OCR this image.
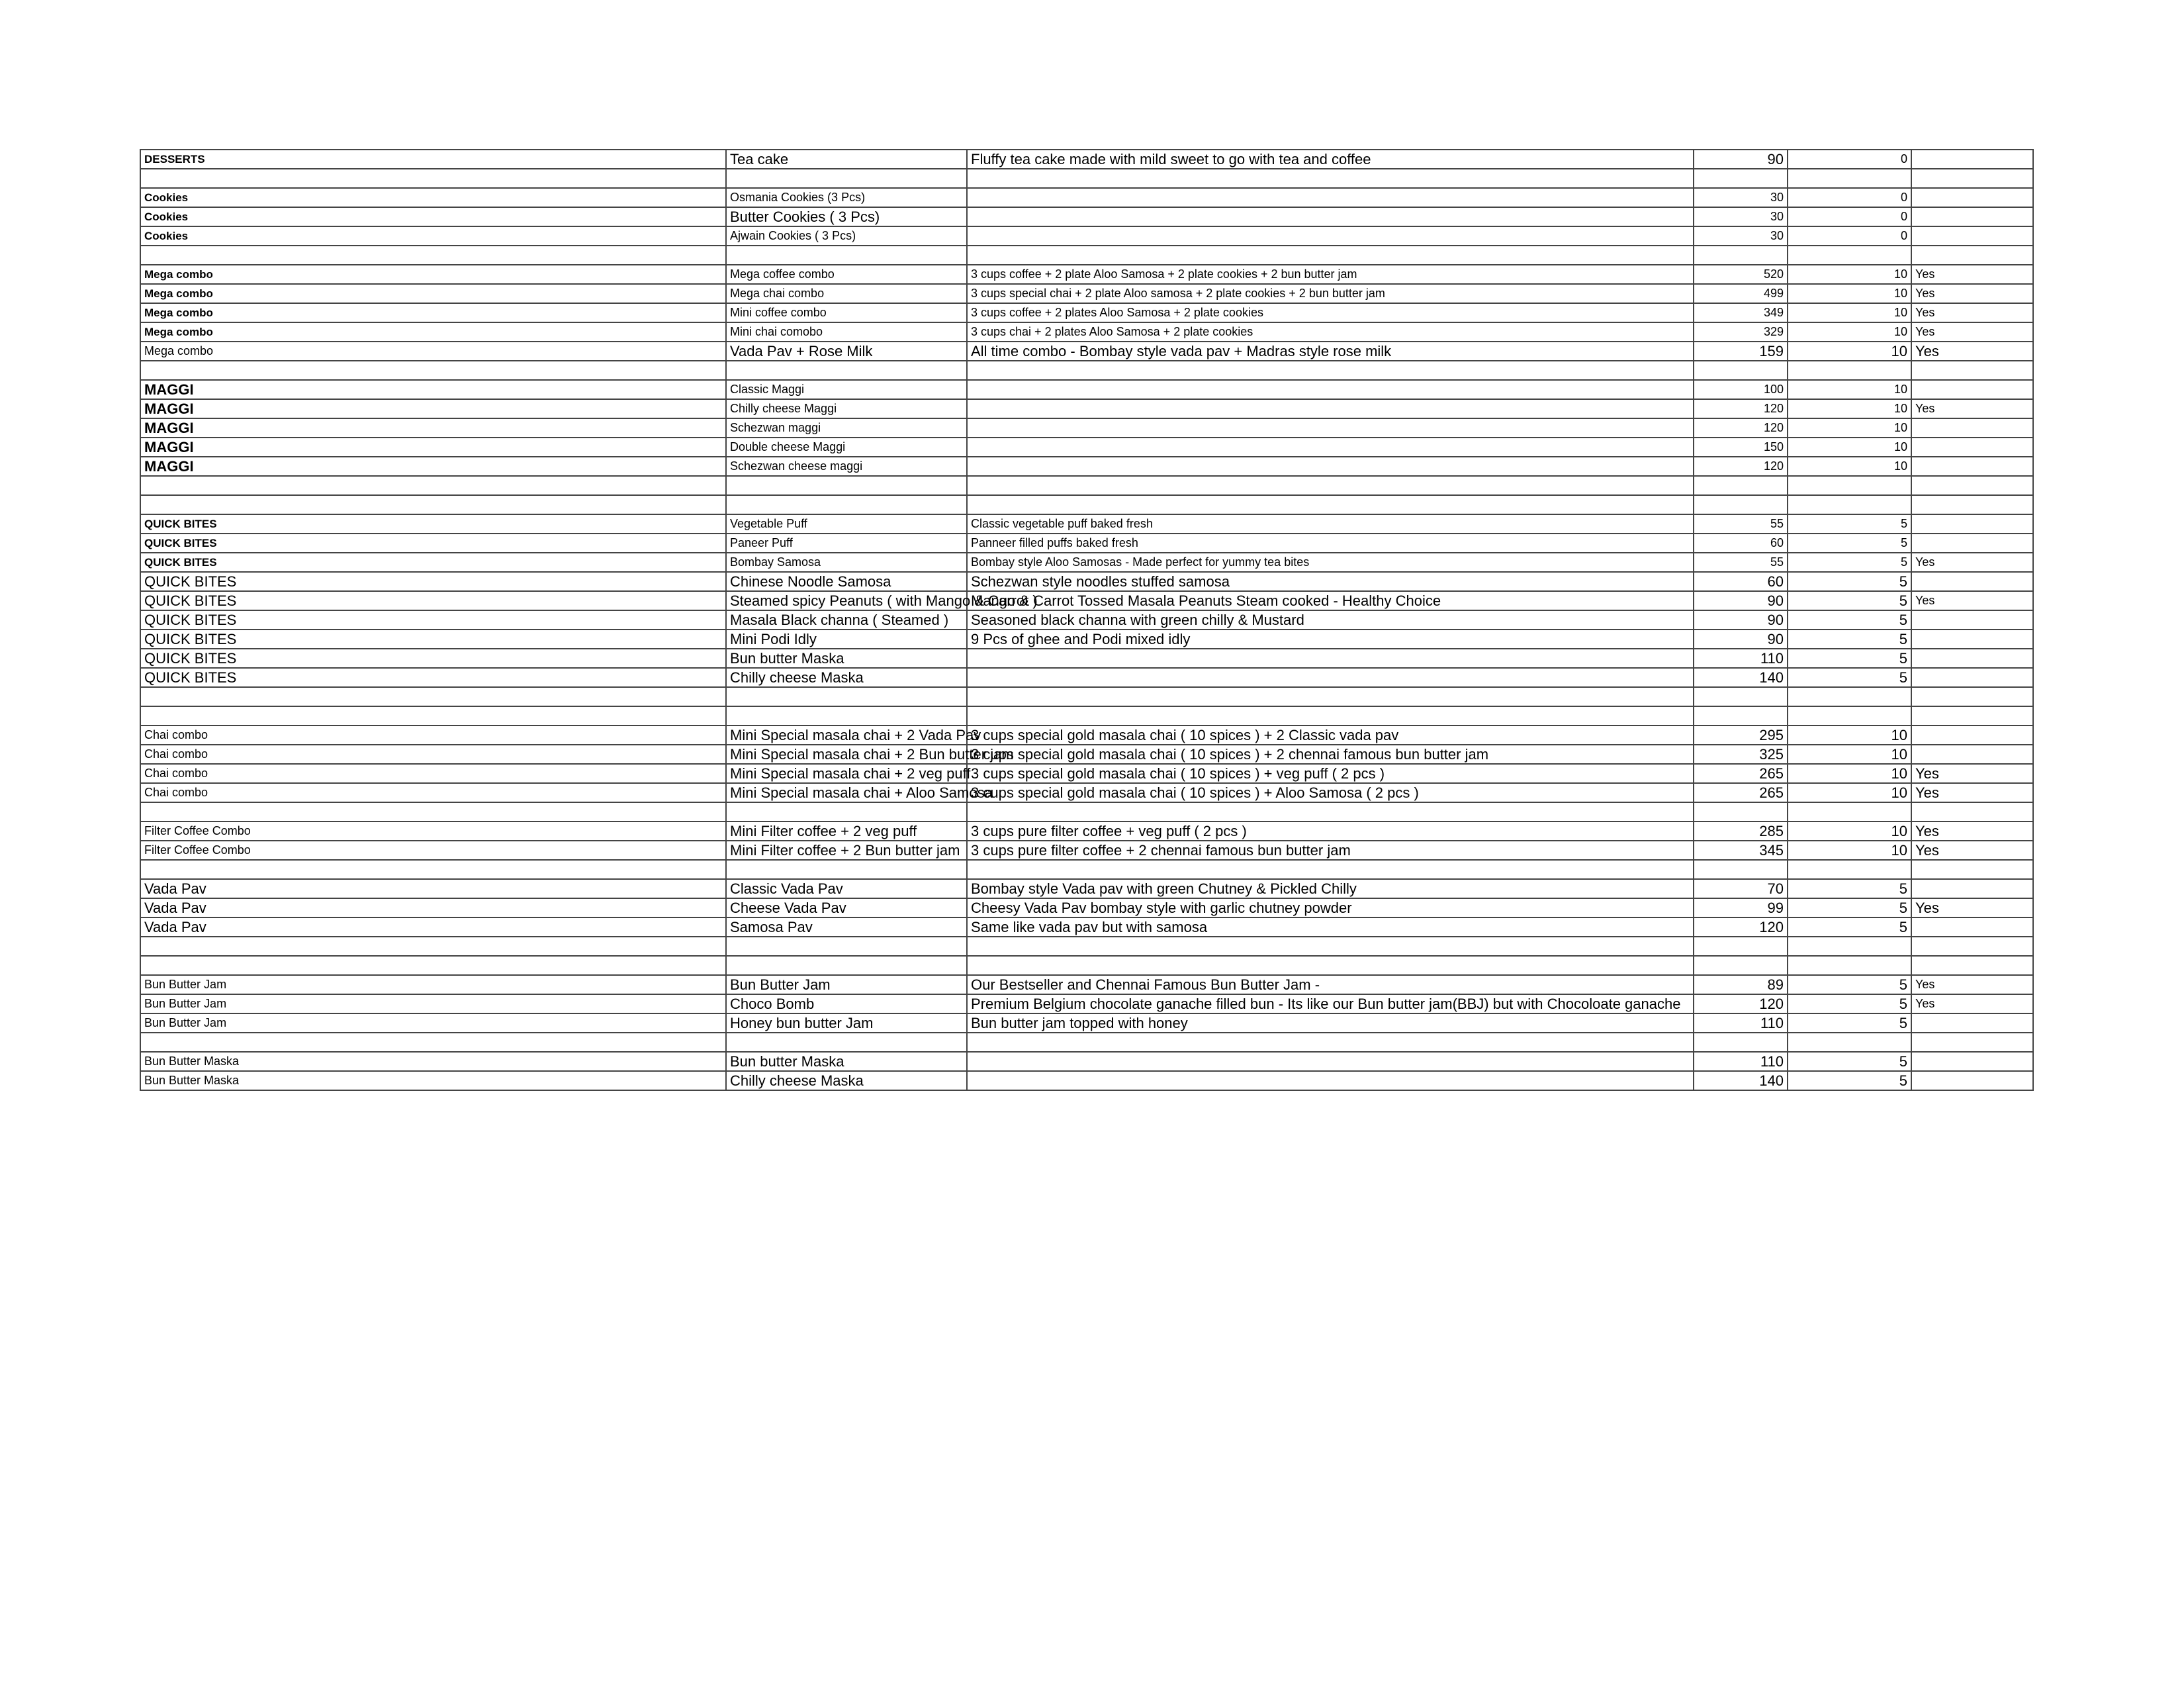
DESSERTS	Tea cake	Fluffy tea cake made with mild sweet to go with tea and coffee	90	0	

Cookies	Osmania Cookies (3 Pcs)		30	0	
Cookies	Butter Cookies ( 3 Pcs)		30	0	
Cookies	Ajwain Cookies ( 3 Pcs)		30	0	

Mega combo	Mega coffee combo	3 cups coffee + 2 plate Aloo Samosa + 2 plate cookies + 2 bun butter jam	520	10	Yes
Mega combo	Mega chai combo	3 cups special chai + 2 plate Aloo samosa + 2 plate cookies + 2 bun butter jam	499	10	Yes
Mega combo	Mini coffee combo	3 cups coffee + 2 plates Aloo Samosa + 2 plate cookies	349	10	Yes
Mega combo	Mini chai comobo	3 cups chai + 2 plates Aloo Samosa + 2 plate cookies	329	10	Yes
Mega combo	Vada Pav + Rose Milk	All time combo - Bombay style vada pav + Madras style rose milk	159	10	Yes

MAGGI	Classic Maggi		100	10	
MAGGI	Chilly cheese Maggi		120	10	Yes
MAGGI	Schezwan maggi		120	10	
MAGGI	Double cheese Maggi		150	10	
MAGGI	Schezwan cheese maggi		120	10	

QUICK BITES	Vegetable Puff	Classic vegetable puff baked fresh	55	5	
QUICK BITES	Paneer Puff	Panneer filled puffs baked fresh	60	5	
QUICK BITES	Bombay Samosa	Bombay style Aloo Samosas - Made perfect for yummy tea bites	55	5	Yes
QUICK BITES	Chinese Noodle Samosa	Schezwan style noodles stuffed samosa	60	5	
QUICK BITES	Steamed spicy Peanuts ( with Mango & Carrot )	Mango & Carrot Tossed Masala Peanuts Steam cooked - Healthy Choice	90	5	Yes
QUICK BITES	Masala Black channa ( Steamed )	Seasoned black channa with green chilly & Mustard	90	5	
QUICK BITES	Mini Podi Idly	9 Pcs of ghee and Podi mixed idly	90	5	
QUICK BITES	Bun butter Maska		110	5	
QUICK BITES	Chilly cheese Maska		140	5	

Chai combo	Mini Special masala chai + 2 Vada Pav	3 cups special gold masala chai ( 10 spices ) + 2 Classic vada pav	295	10	
Chai combo	Mini Special masala chai + 2 Bun butter jam	3 cups special gold masala chai ( 10 spices ) + 2 chennai famous bun butter jam	325	10	
Chai combo	Mini Special masala chai + 2 veg puff	3 cups special gold masala chai ( 10 spices ) + veg puff ( 2 pcs )	265	10	Yes
Chai combo	Mini Special masala chai + Aloo Samosa	3 cups special gold masala chai ( 10 spices ) + Aloo Samosa ( 2 pcs )	265	10	Yes

Filter Coffee Combo	Mini Filter coffee + 2 veg puff	3 cups pure filter coffee + veg puff ( 2 pcs )	285	10	Yes
Filter Coffee Combo	Mini Filter coffee + 2 Bun butter jam	3 cups pure filter coffee + 2 chennai famous bun butter jam	345	10	Yes

Vada Pav	Classic Vada Pav	Bombay style Vada pav with green Chutney & Pickled Chilly	70	5	
Vada Pav	Cheese Vada Pav	Cheesy Vada Pav bombay style with garlic chutney powder	99	5	Yes
Vada Pav	Samosa Pav	Same like vada pav but with samosa	120	5	

Bun Butter Jam	Bun Butter Jam	Our Bestseller and Chennai Famous Bun Butter Jam -	89	5	Yes
Bun Butter Jam	Choco Bomb	Premium Belgium chocolate ganache filled bun - Its like our Bun butter jam(BBJ) but with Chocoloate ganache	120	5	Yes
Bun Butter Jam	Honey bun butter Jam	Bun butter jam topped with honey	110	5	

Bun Butter Maska	Bun butter Maska		110	5	
Bun Butter Maska	Chilly cheese Maska		140	5	
